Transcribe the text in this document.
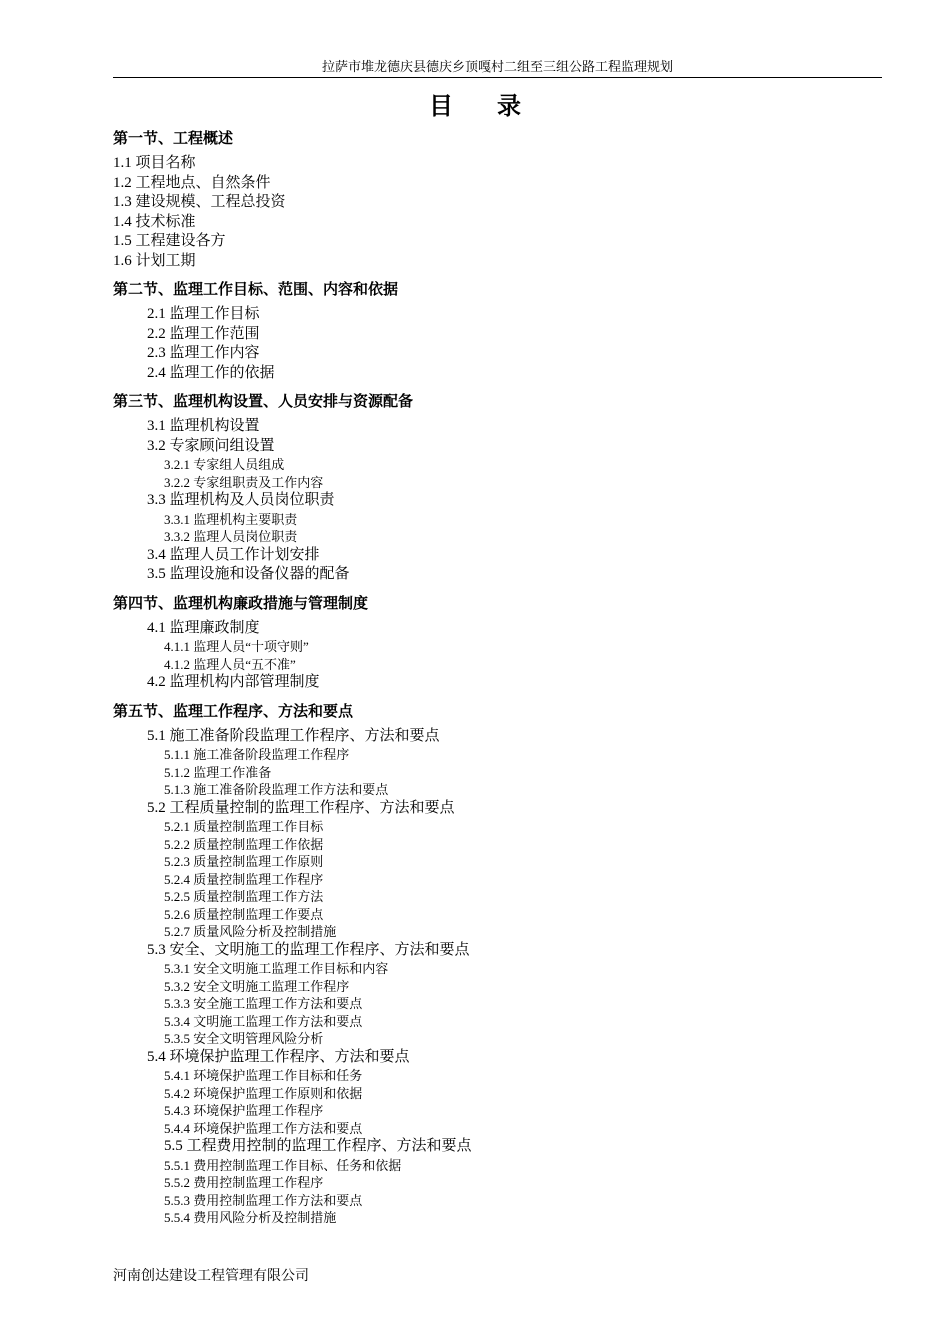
拉萨市堆龙德庆县德庆乡顶嘎村二组至三组公路工程监理规划
目录
第一节、工程概述
1.1 项目名称
1.2 工程地点、自然条件
1.3 建设规模、工程总投资
1.4 技术标准
1.5 工程建设各方
1.6 计划工期
第二节、监理工作目标、范围、内容和依据
2.1 监理工作目标
2.2 监理工作范围
2.3 监理工作内容
2.4 监理工作的依据
第三节、监理机构设置、人员安排与资源配备
3.1 监理机构设置
3.2 专家顾问组设置
3.2.1 专家组人员组成
3.2.2 专家组职责及工作内容
3.3 监理机构及人员岗位职责
3.3.1 监理机构主要职责
3.3.2 监理人员岗位职责
3.4 监理人员工作计划安排
3.5 监理设施和设备仪器的配备
第四节、监理机构廉政措施与管理制度
4.1 监理廉政制度
4.1.1 监理人员“十项守则”
4.1.2 监理人员“五不准”
4.2 监理机构内部管理制度
第五节、监理工作程序、方法和要点
5.1 施工准备阶段监理工作程序、方法和要点
5.1.1 施工准备阶段监理工作程序
5.1.2 监理工作准备
5.1.3 施工准备阶段监理工作方法和要点
5.2 工程质量控制的监理工作程序、方法和要点
5.2.1 质量控制监理工作目标
5.2.2 质量控制监理工作依据
5.2.3 质量控制监理工作原则
5.2.4 质量控制监理工作程序
5.2.5 质量控制监理工作方法
5.2.6 质量控制监理工作要点
5.2.7 质量风险分析及控制措施
5.3 安全、文明施工的监理工作程序、方法和要点
5.3.1 安全文明施工监理工作目标和内容
5.3.2 安全文明施工监理工作程序
5.3.3 安全施工监理工作方法和要点
5.3.4 文明施工监理工作方法和要点
5.3.5 安全文明管理风险分析
5.4 环境保护监理工作程序、方法和要点
5.4.1 环境保护监理工作目标和任务
5.4.2 环境保护监理工作原则和依据
5.4.3 环境保护监理工作程序
5.4.4 环境保护监理工作方法和要点
5.5 工程费用控制的监理工作程序、方法和要点
5.5.1 费用控制监理工作目标、任务和依据
5.5.2 费用控制监理工作程序
5.5.3 费用控制监理工作方法和要点
5.5.4 费用风险分析及控制措施
河南创达建设工程管理有限公司
